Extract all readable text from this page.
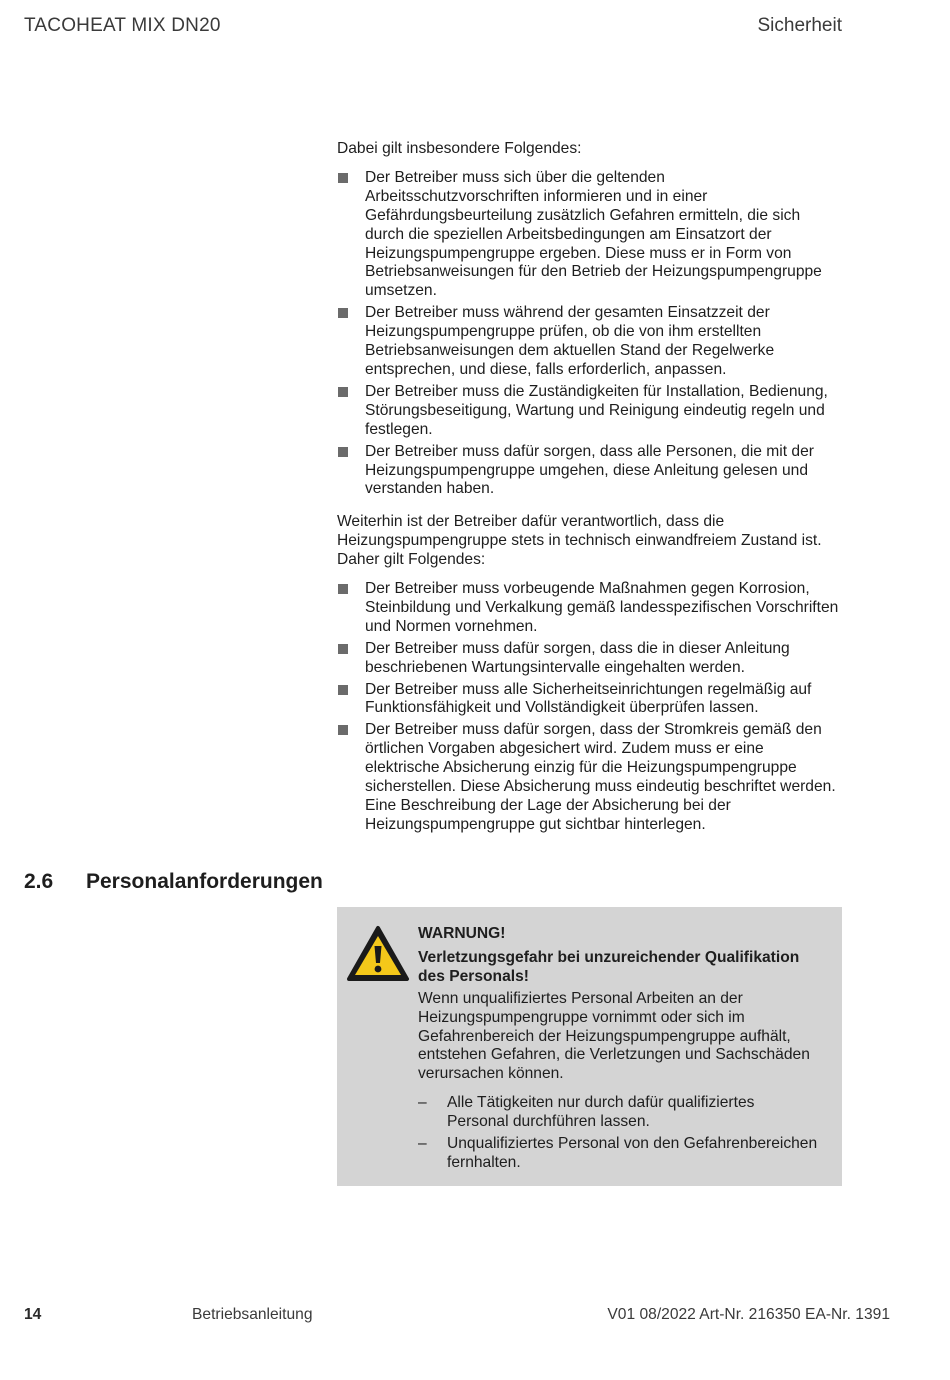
TACOHEAT MIX DN20	Sicherheit

Dabei gilt insbesondere Folgendes:

Der Betreiber muss sich über die geltenden Arbeitsschutzvorschriften informieren und in einer Gefährdungsbeurteilung zusätzlich Gefahren ermitteln, die sich durch die speziellen Arbeitsbedingungen am Einsatzort der Heizungspumpengruppe ergeben. Diese muss er in Form von Betriebsanweisungen für den Betrieb der Heizungspumpengruppe umsetzen.
Der Betreiber muss während der gesamten Einsatzzeit der Heizungspumpengruppe prüfen, ob die von ihm erstellten Betriebsanweisungen dem aktuellen Stand der Regelwerke entsprechen, und diese, falls erforderlich, anpassen.
Der Betreiber muss die Zuständigkeiten für Installation, Bedienung, Störungsbeseitigung, Wartung und Reinigung eindeutig regeln und festlegen.
Der Betreiber muss dafür sorgen, dass alle Personen, die mit der Heizungspumpengruppe umgehen, diese Anleitung gelesen und verstanden haben.

Weiterhin ist der Betreiber dafür verantwortlich, dass die Heizungspumpengruppe stets in technisch einwandfreiem Zustand ist. Daher gilt Folgendes:

Der Betreiber muss vorbeugende Maßnahmen gegen Korrosion, Steinbildung und Verkalkung gemäß landesspezifischen Vorschriften und Normen vornehmen.
Der Betreiber muss dafür sorgen, dass die in dieser Anleitung beschriebenen Wartungsintervalle eingehalten werden.
Der Betreiber muss alle Sicherheitseinrichtungen regelmäßig auf Funktionsfähigkeit und Vollständigkeit überprüfen lassen.
Der Betreiber muss dafür sorgen, dass der Stromkreis gemäß den örtlichen Vorgaben abgesichert wird. Zudem muss er eine elektrische Absicherung einzig für die Heizungspumpengruppe sicherstellen. Diese Absicherung muss eindeutig beschriftet werden. Eine Beschreibung der Lage der Absicherung bei der Heizungspumpengruppe gut sichtbar hinterlegen.
2.6 Personalanforderungen
WARNUNG!
Verletzungsgefahr bei unzureichender Qualifikation des Personals!
Wenn unqualifiziertes Personal Arbeiten an der Heizungspumpengruppe vornimmt oder sich im Gefahrenbereich der Heizungspumpengruppe aufhält, entstehen Gefahren, die Verletzungen und Sachschäden verursachen können.
– Alle Tätigkeiten nur durch dafür qualifiziertes Personal durchführen lassen.
– Unqualifiziertes Personal von den Gefahrenbereichen fernhalten.
14	Betriebsanleitung	V01 08/2022 Art-Nr. 216350 EA-Nr. 1391
